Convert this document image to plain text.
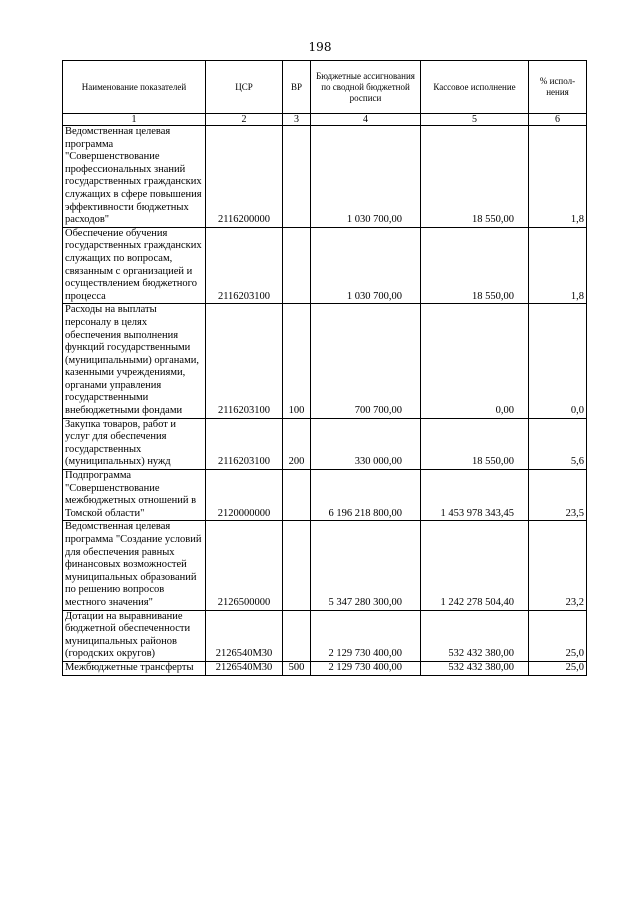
198
Наименование показателей	ЦСР	ВР	Бюджетные ассигнования по сводной бюджетной росписи	Кассовое исполнение	% испол-нения
1	2	3	4	5	6
Ведомственная целевая программа "Совершенствование профессиональных знаний государственных гражданских служащих в сфере повышения эффективности бюджетных расходов"	2116200000		1 030 700,00	18 550,00	1,8
Обеспечение обучения государственных гражданских служащих по вопросам, связанным с организацией и осуществлением бюджетного процесса	2116203100		1 030 700,00	18 550,00	1,8
Расходы на выплаты персоналу в целях обеспечения выполнения функций государственными (муниципальными) органами, казенными учреждениями, органами управления государственными внебюджетными фондами	2116203100	100	700 700,00	0,00	0,0
Закупка товаров, работ и услуг для обеспечения государственных (муниципальных) нужд	2116203100	200	330 000,00	18 550,00	5,6
Подпрограмма "Совершенствование межбюджетных отношений в Томской области"	2120000000		6 196 218 800,00	1 453 978 343,45	23,5
Ведомственная целевая программа "Создание условий для обеспечения равных финансовых возможностей муниципальных образований по решению вопросов местного значения"	2126500000		5 347 280 300,00	1 242 278 504,40	23,2
Дотации на выравнивание бюджетной обеспеченности муниципальных районов (городских округов)	2126540М30		2 129 730 400,00	532 432 380,00	25,0
Межбюджетные трансферты	2126540М30	500	2 129 730 400,00	532 432 380,00	25,0
